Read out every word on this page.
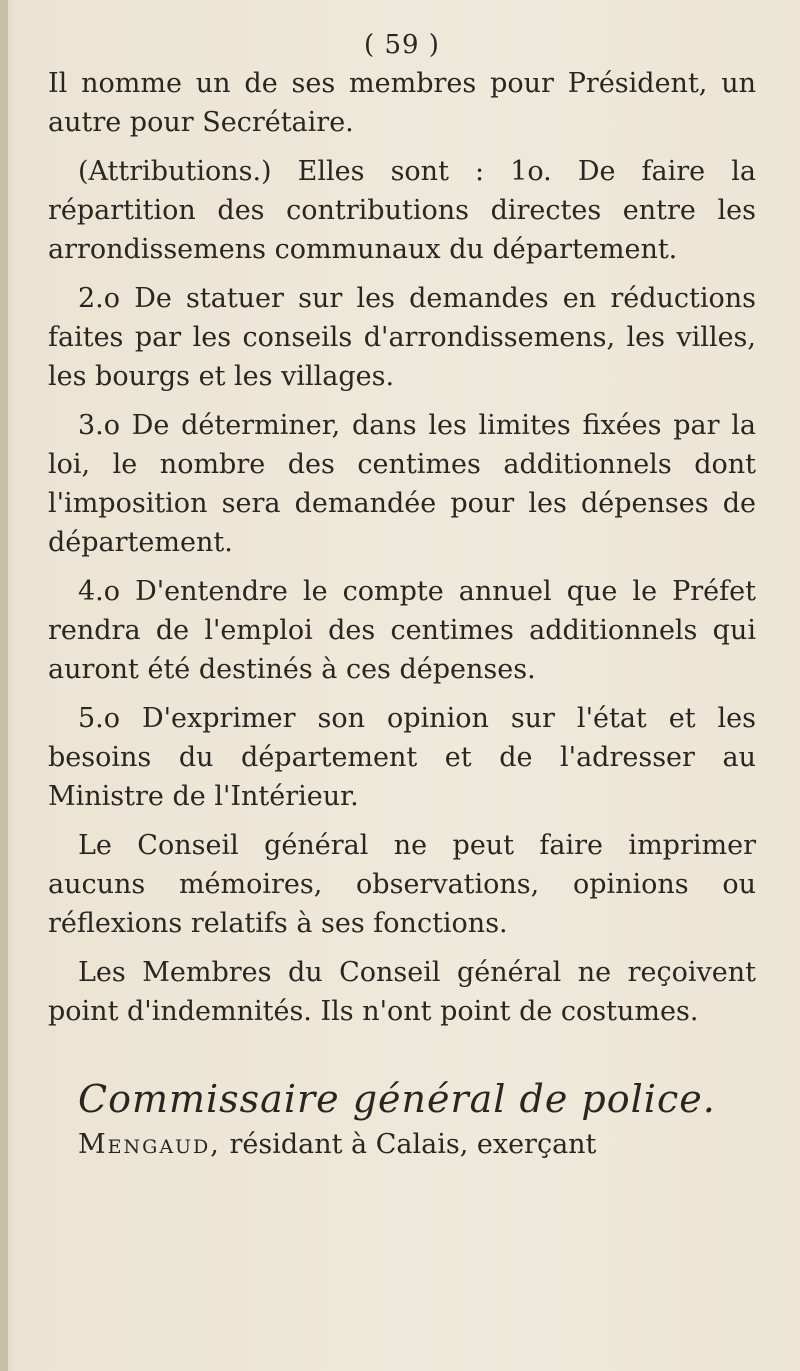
( 59 )

Il nomme un de ses membres pour Président, un autre pour Secrétaire.

(Attributions.) Elles sont : 1o. De faire la répartition des contributions directes entre les arrondissemens communaux du département.

2.o De statuer sur les demandes en réductions faites par les conseils d'arrondissemens, les villes, les bourgs et les villages.

3.o De déterminer, dans les limites fixées par la loi, le nombre des centimes additionnels dont l'imposition sera demandée pour les dépenses de département.

4.o D'entendre le compte annuel que le Préfet rendra de l'emploi des centimes additionnels qui auront été destinés à ces dépenses.

5.o D'exprimer son opinion sur l'état et les besoins du département et de l'adresser au Ministre de l'Intérieur.

Le Conseil général ne peut faire imprimer aucuns mémoires, observations, opinions ou réflexions relatifs à ses fonctions.

Les Membres du Conseil général ne reçoivent point d'indemnités. Ils n'ont point de costumes.

Commissaire général de police.

Mengaud, résidant à Calais, exerçant
